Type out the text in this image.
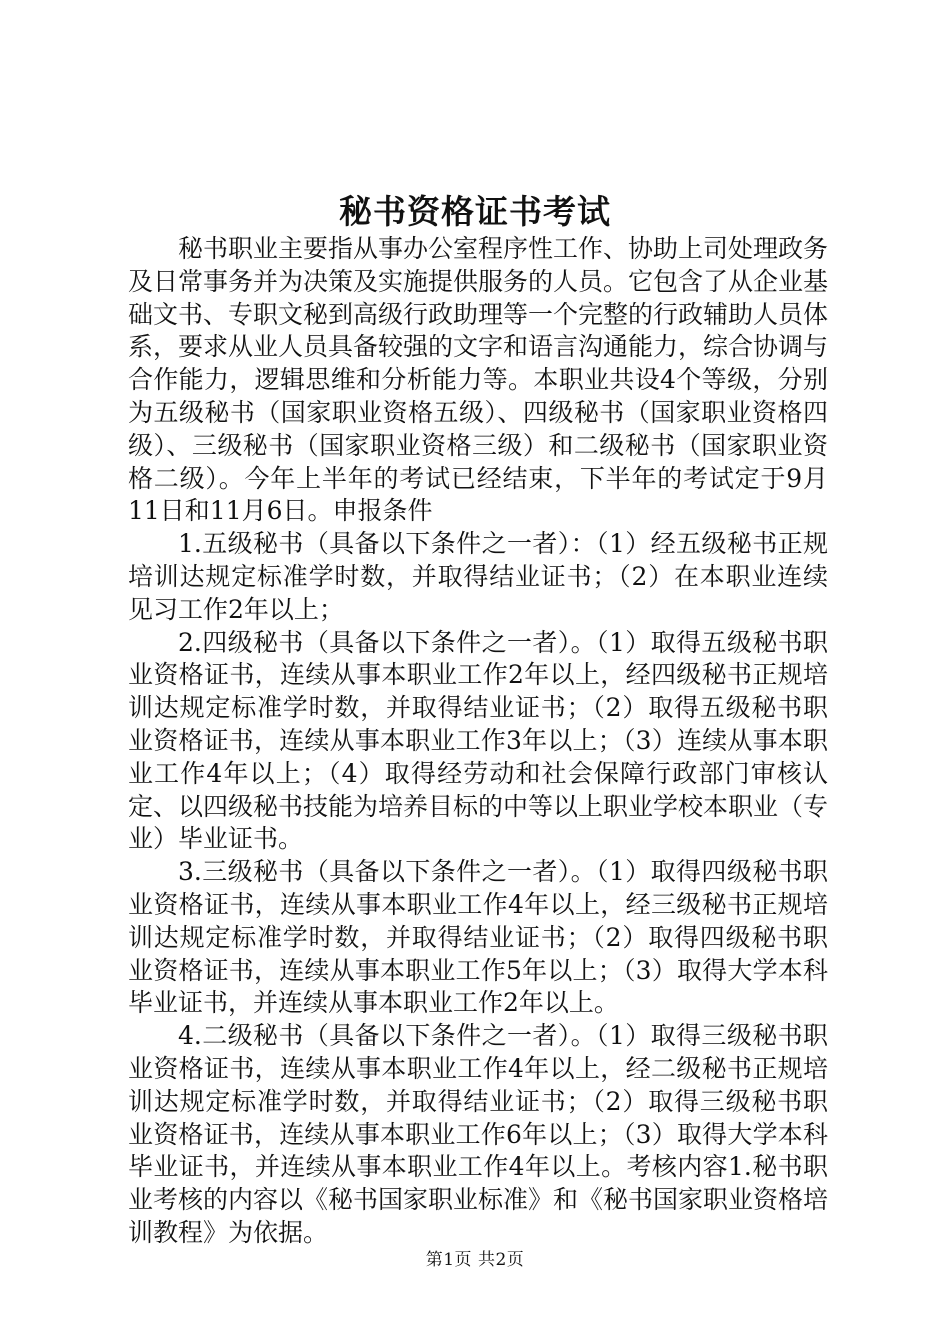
秘书资格证书考试

秘书职业主要指从事办公室程序性工作、协助上司处理政务及日常事务并为决策及实施提供服务的人员。它包含了从企业基础文书、专职文秘到高级行政助理等一个完整的行政辅助人员体系，要求从业人员具备较强的文字和语言沟通能力，综合协调与合作能力，逻辑思维和分析能力等。本职业共设4个等级，分别为五级秘书（国家职业资格五级）、四级秘书（国家职业资格四级）、三级秘书（国家职业资格三级）和二级秘书（国家职业资格二级）。今年上半年的考试已经结束，下半年的考试定于9月11日和11月6日。申报条件

1.五级秘书（具备以下条件之一者）：（1）经五级秘书正规培训达规定标准学时数，并取得结业证书；（2）在本职业连续见习工作2年以上；

2.四级秘书（具备以下条件之一者）。（1）取得五级秘书职业资格证书，连续从事本职业工作2年以上，经四级秘书正规培训达规定标准学时数，并取得结业证书；（2）取得五级秘书职业资格证书，连续从事本职业工作3年以上；（3）连续从事本职业工作4年以上；（4）取得经劳动和社会保障行政部门审核认定、以四级秘书技能为培养目标的中等以上职业学校本职业（专业）毕业证书。

3.三级秘书（具备以下条件之一者）。（1）取得四级秘书职业资格证书，连续从事本职业工作4年以上，经三级秘书正规培训达规定标准学时数，并取得结业证书；（2）取得四级秘书职业资格证书，连续从事本职业工作5年以上；（3）取得大学本科毕业证书，并连续从事本职业工作2年以上。

4.二级秘书（具备以下条件之一者）。（1）取得三级秘书职业资格证书，连续从事本职业工作4年以上，经二级秘书正规培训达规定标准学时数，并取得结业证书；（2）取得三级秘书职业资格证书，连续从事本职业工作6年以上；（3）取得大学本科毕业证书，并连续从事本职业工作4年以上。考核内容1.秘书职业考核的内容以《秘书国家职业标准》和《秘书国家职业资格培训教程》为依据。

第1页 共2页
